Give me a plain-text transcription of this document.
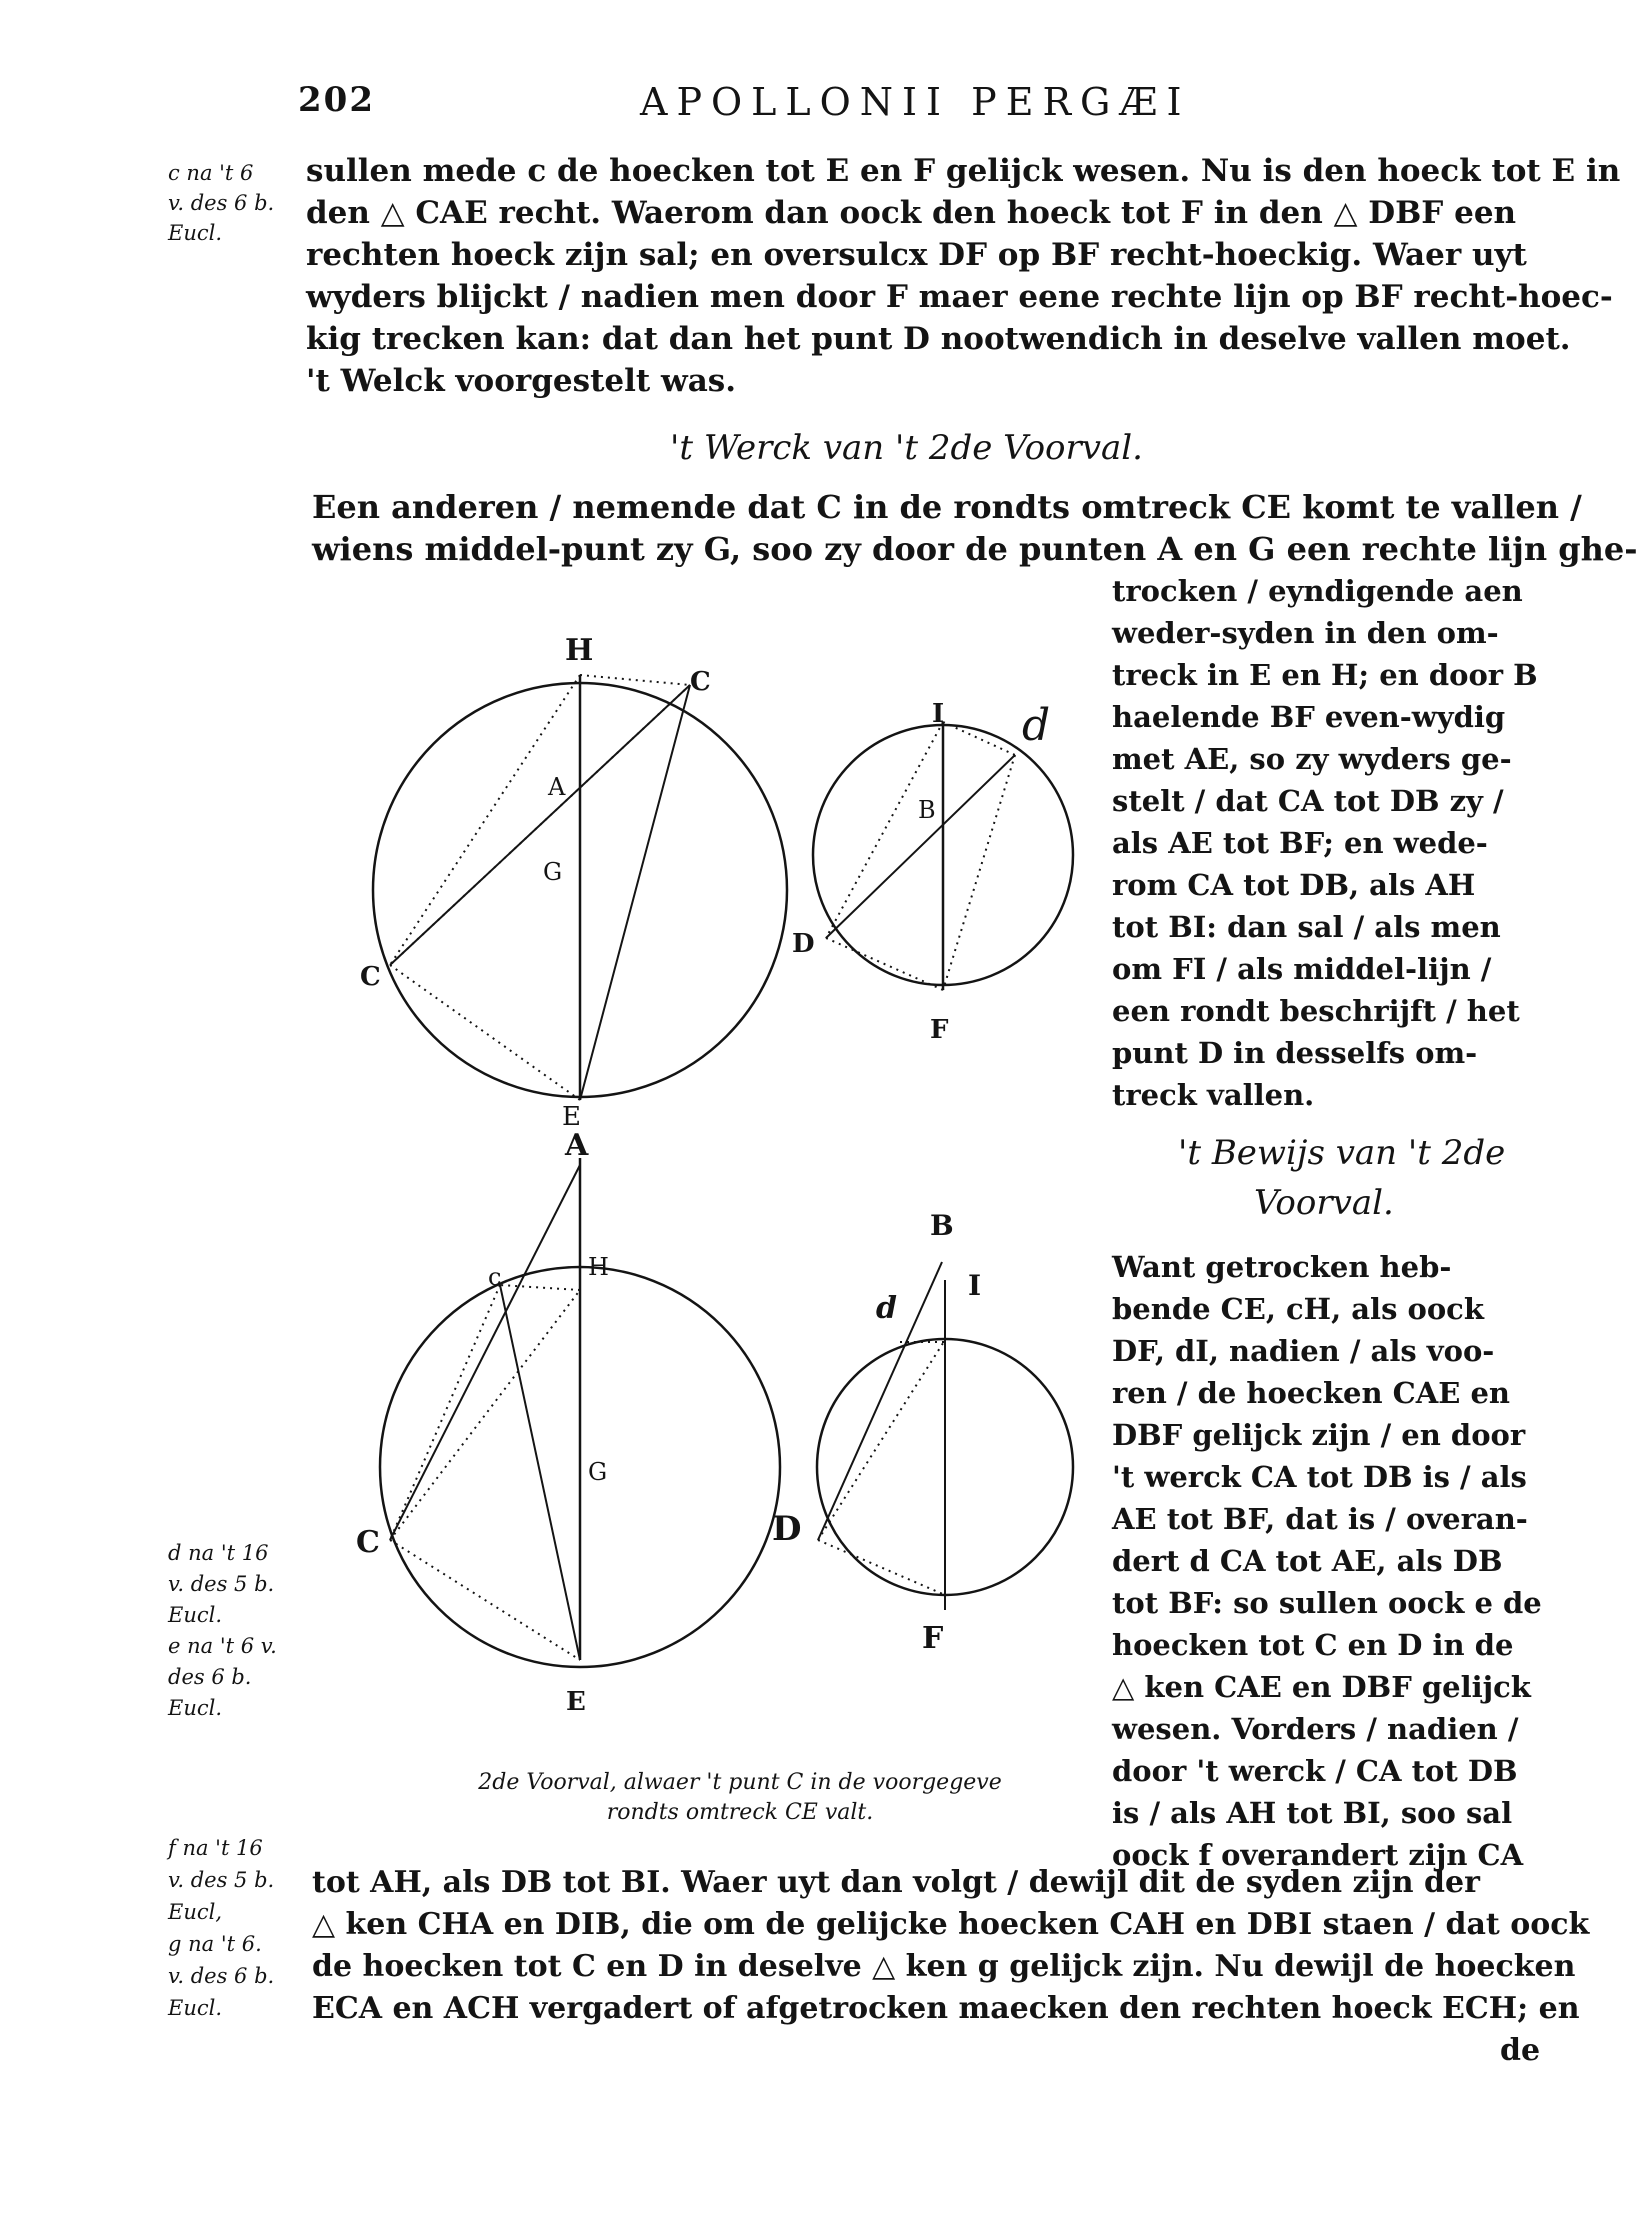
202	APOLLONII PERGÆI
c na 't 6
v. des 6 b.
Eucl.
d na 't 16
v. des 5 b.
Eucl.
e na 't 6 v.
des 6 b.
Eucl.
f na 't 16
v. des 5 b.
Eucl,
g na 't 6.
v. des 6 b.
Eucl.
sullen mede c de hoecken tot E en F gelijck wesen. Nu is den hoeck tot E in
den △ CAE recht. Waerom dan oock den hoeck tot F in den △ DBF een
rechten hoeck zijn sal; en oversulcx DF op BF recht-hoeckig. Waer uyt
wyders blijckt / nadien men door F maer eene rechte lijn op BF recht-hoec-
kig trecken kan: dat dan het punt D nootwendich in deselve vallen moet.
't Welck voorgestelt was.
't Werck van 't 2de Voorval.
Een anderen / nemende dat C in de rondts omtreck CE komt te vallen /
wiens middel-punt zy G, soo zy door de punten A en G een rechte lijn ghe-
trocken / eyndigende aen
weder-syden in den om-
treck in E en H; en door B
haelende BF even-wydig
met AE, so zy wyders ge-
stelt / dat CA tot DB zy /
als AE tot BF; en wede-
rom CA tot DB, als AH
tot BI: dan sal / als men
om FI / als middel-lijn /
een rondt beschrijft / het
punt D in desselfs om-
treck vallen.
't Bewijs van 't 2de
Voorval.
Want getrocken heb-
bende CE, cH, als oock
DF, dI, nadien / als voo-
ren / de hoecken CAE en
DBF gelijck zijn / en door
't werck CA tot DB is / als
AE tot BF, dat is / overan-
dert d CA tot AE, als DB
tot BF: so sullen oock e de
hoecken tot C en D in de
△ ken CAE en DBF gelijck
wesen. Vorders / nadien /
door 't werck / CA tot DB
is / als AH tot BI, soo sal
oock f overandert zijn CA
2de Voorval, alwaer 't punt C in de voorgegeve
rondts omtreck CE valt.
tot AH, als DB tot BI. Waer uyt dan volgt / dewijl dit de syden zijn der
△ ken CHA en DIB, die om de gelijcke hoecken CAH en DBI staen / dat oock
de hoecken tot C en D in deselve △ ken g gelijck zijn. Nu dewijl de hoecken
ECA en ACH vergadert of afgetrocken maecken den rechten hoeck ECH; en
de
H
C
A
G
C
E
I d
B
D
F
A
c	H
G
C
E
B
d
I
D
F
